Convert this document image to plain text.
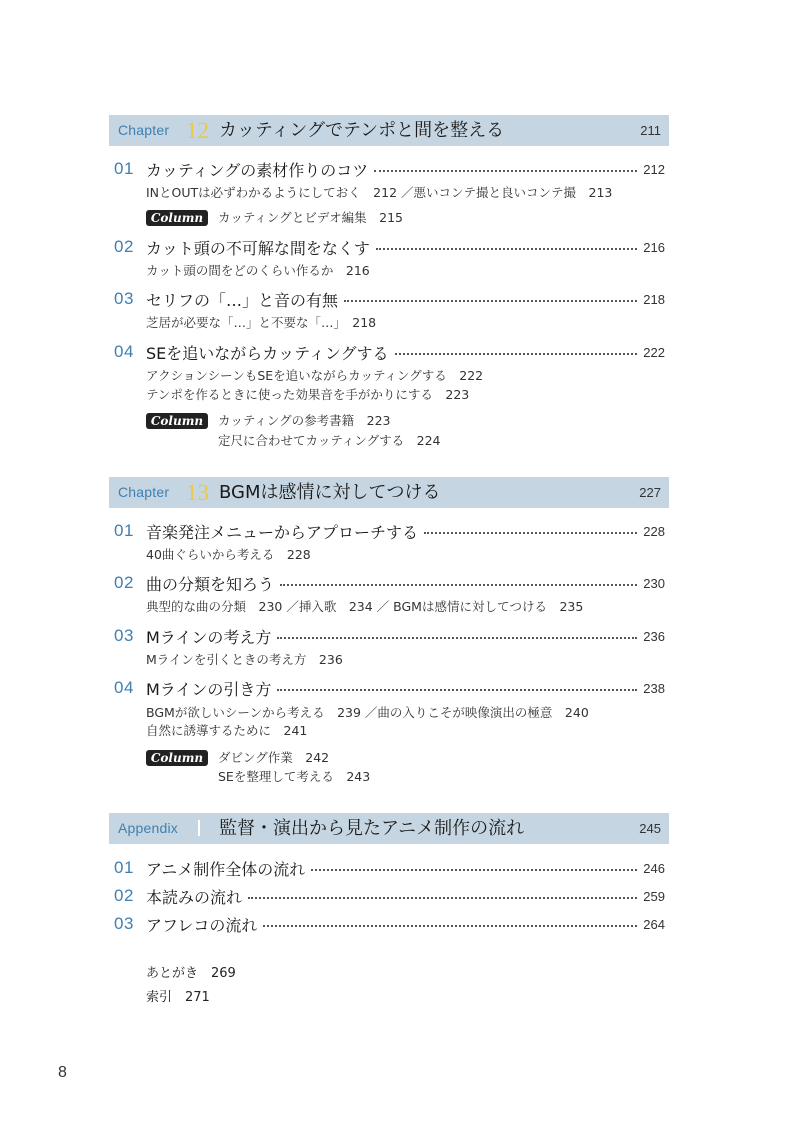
Chapter 12 カッティングでテンポと間を整える	211
01 カッティングの素材作りのコツ	212
INとOUTは必ずわかるようにしておく　212 ／悪いコンテ撮と良いコンテ撮　213
Column	カッティングとビデオ編集　215
02 カット頭の不可解な間をなくす	216
カット頭の間をどのくらい作るか　216
03 セリフの「…」と音の有無	218
芝居が必要な「…」と不要な「…」　218
04 SEを追いながらカッティングする	222
アクションシーンもSEを追いながらカッティングする　222
テンポを作るときに使った効果音を手がかりにする　223
Column	カッティングの参考書籍　223
定尺に合わせてカッティングする　224
Chapter 13 BGMは感情に対してつける	227
01 音楽発注メニューからアプローチする	228
40曲ぐらいから考える　228
02 曲の分類を知ろう	230
典型的な曲の分類　230 ／挿入歌　234 ／ BGMは感情に対してつける　235
03 Mラインの考え方	236
Mラインを引くときの考え方　236
04 Mラインの引き方	238
BGMが欲しいシーンから考える　239 ／曲の入りこそが映像演出の極意　240
自然に誘導するために　241
Column	ダビング作業　242
SEを整理して考える　243
Appendix 監督・演出から見たアニメ制作の流れ	245
01 アニメ制作全体の流れ	246
02 本読みの流れ	259
03 アフレコの流れ	264
あとがき　269
索引　271
8
